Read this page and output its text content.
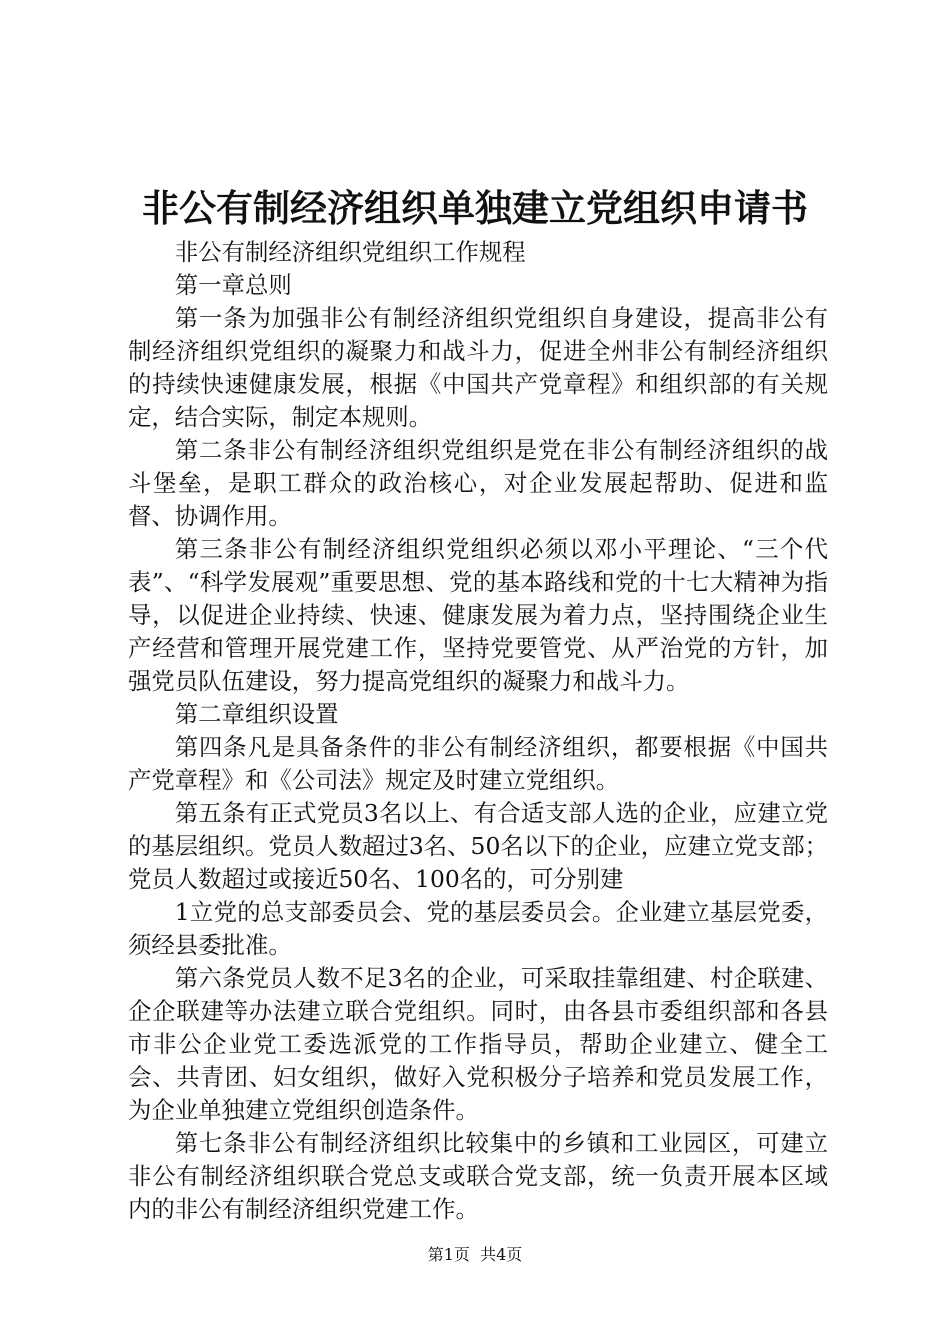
非公有制经济组织单独建立党组织申请书

非公有制经济组织党组织工作规程

第一章总则

第一条为加强非公有制经济组织党组织自身建设，提高非公有制经济组织党组织的凝聚力和战斗力，促进全州非公有制经济组织的持续快速健康发展，根据《中国共产党章程》和组织部的有关规定，结合实际，制定本规则。

第二条非公有制经济组织党组织是党在非公有制经济组织的战斗堡垒，是职工群众的政治核心，对企业发展起帮助、促进和监督、协调作用。

第三条非公有制经济组织党组织必须以邓小平理论、“三个代表”、“科学发展观”重要思想、党的基本路线和党的十七大精神为指导，以促进企业持续、快速、健康发展为着力点，坚持围绕企业生产经营和管理开展党建工作，坚持党要管党、从严治党的方针，加强党员队伍建设，努力提高党组织的凝聚力和战斗力。

第二章组织设置

第四条凡是具备条件的非公有制经济组织，都要根据《中国共产党章程》和《公司法》规定及时建立党组织。

第五条有正式党员3名以上、有合适支部人选的企业，应建立党的基层组织。党员人数超过3名、50名以下的企业，应建立党支部；党员人数超过或接近50名、100名的，可分别建

1立党的总支部委员会、党的基层委员会。企业建立基层党委，须经县委批准。

第六条党员人数不足3名的企业，可采取挂靠组建、村企联建、企企联建等办法建立联合党组织。同时，由各县市委组织部和各县市非公企业党工委选派党的工作指导员，帮助企业建立、健全工会、共青团、妇女组织，做好入党积极分子培养和党员发展工作，为企业单独建立党组织创造条件。

第七条非公有制经济组织比较集中的乡镇和工业园区，可建立非公有制经济组织联合党总支或联合党支部，统一负责开展本区域内的非公有制经济组织党建工作。

第1页 共4页
